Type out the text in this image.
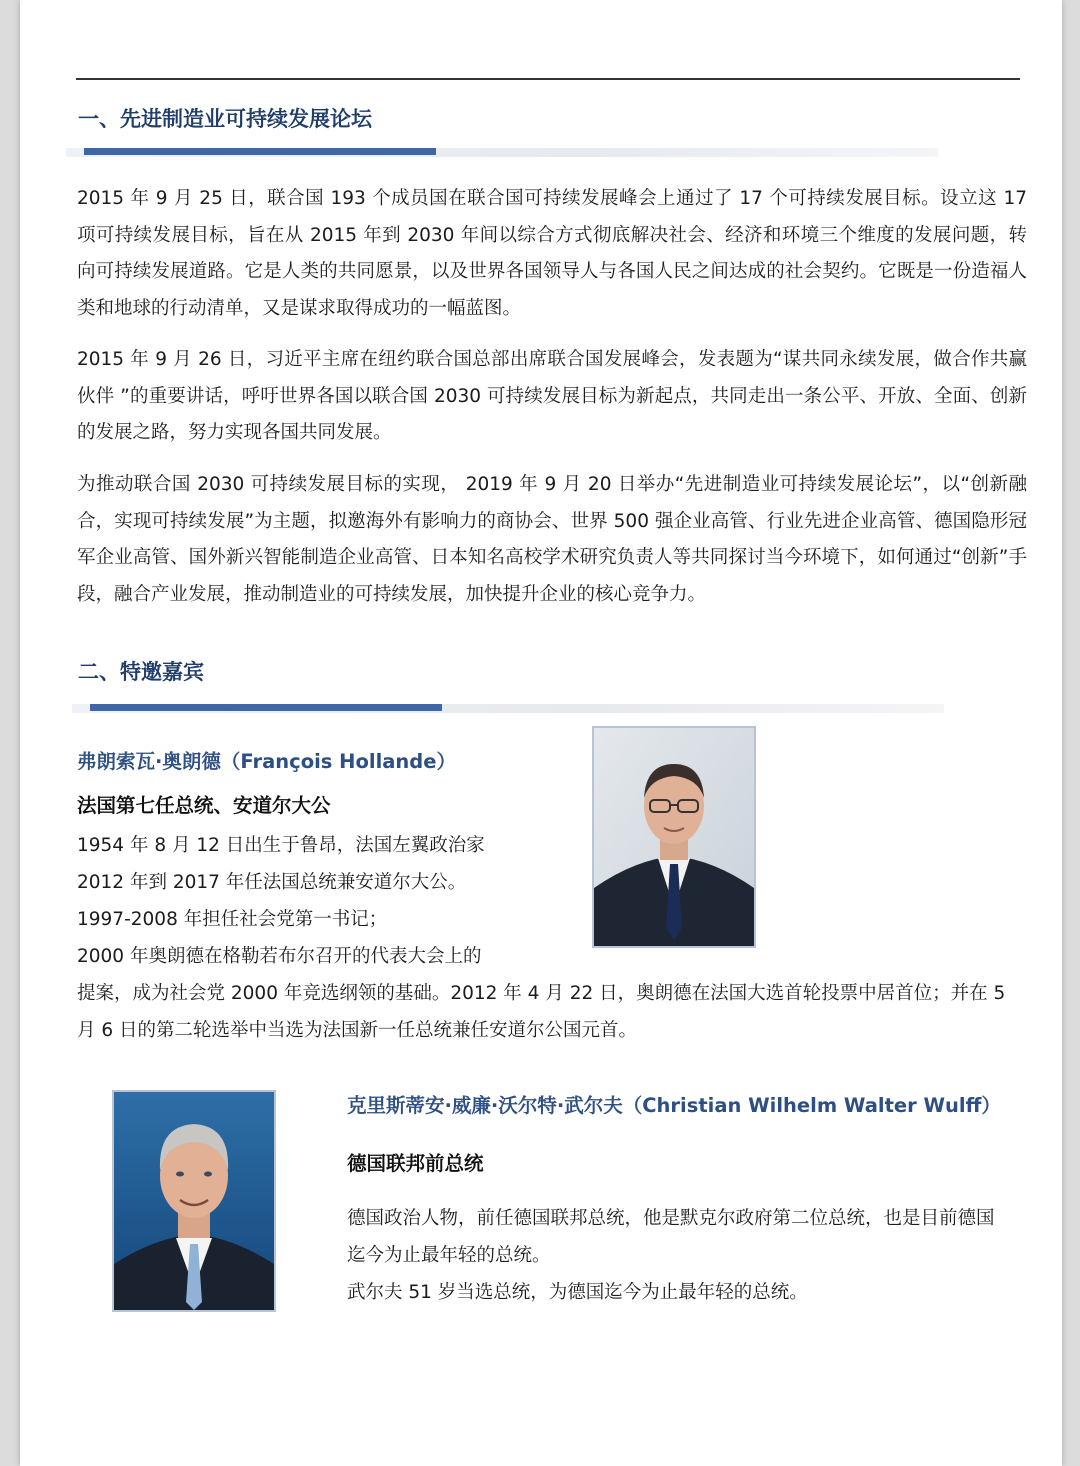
一、先进制造业可持续发展论坛

2015 年 9 月 25 日，联合国 193 个成员国在联合国可持续发展峰会上通过了 17 个可持续发展目标。设立这 17 项可持续发展目标，旨在从 2015 年到 2030 年间以综合方式彻底解决社会、经济和环境三个维度的发展问题，转向可持续发展道路。它是人类的共同愿景，以及世界各国领导人与各国人民之间达成的社会契约。它既是一份造福人类和地球的行动清单，又是谋求取得成功的一幅蓝图。

2015 年 9 月 26 日，习近平主席在纽约联合国总部出席联合国发展峰会，发表题为“谋共同永续发展，做合作共赢伙伴 ”的重要讲话，呼吁世界各国以联合国 2030 可持续发展目标为新起点，共同走出一条公平、开放、全面、创新的发展之路，努力实现各国共同发展。

为推动联合国 2030 可持续发展目标的实现， 2019 年 9 月 20 日举办“先进制造业可持续发展论坛”，以“创新融合，实现可持续发展”为主题，拟邀海外有影响力的商协会、世界 500 强企业高管、行业先进企业高管、德国隐形冠军企业高管、国外新兴智能制造企业高管、日本知名高校学术研究负责人等共同探讨当今环境下，如何通过“创新”手段，融合产业发展，推动制造业的可持续发展，加快提升企业的核心竞争力。

二、特邀嘉宾
弗朗索瓦·奥朗德（François Hollande）
法国第七任总统、安道尔大公
1954 年 8 月 12 日出生于鲁昂，法国左翼政治家
2012 年到 2017 年任法国总统兼安道尔大公。
1997-2008 年担任社会党第一书记；
2000 年奥朗德在格勒若布尔召开的代表大会上的
提案，成为社会党 2000 年竞选纲领的基础。2012 年 4 月 22 日，奥朗德在法国大选首轮投票中居首位；并在 5
月 6 日的第二轮选举中当选为法国新一任总统兼任安道尔公国元首。
克里斯蒂安·威廉·沃尔特·武尔夫（Christian Wilhelm Walter Wulff）
德国联邦前总统
德国政治人物，前任德国联邦总统，他是默克尔政府第二位总统，也是目前德国
迄今为止最年轻的总统。
武尔夫 51 岁当选总统，为德国迄今为止最年轻的总统。
